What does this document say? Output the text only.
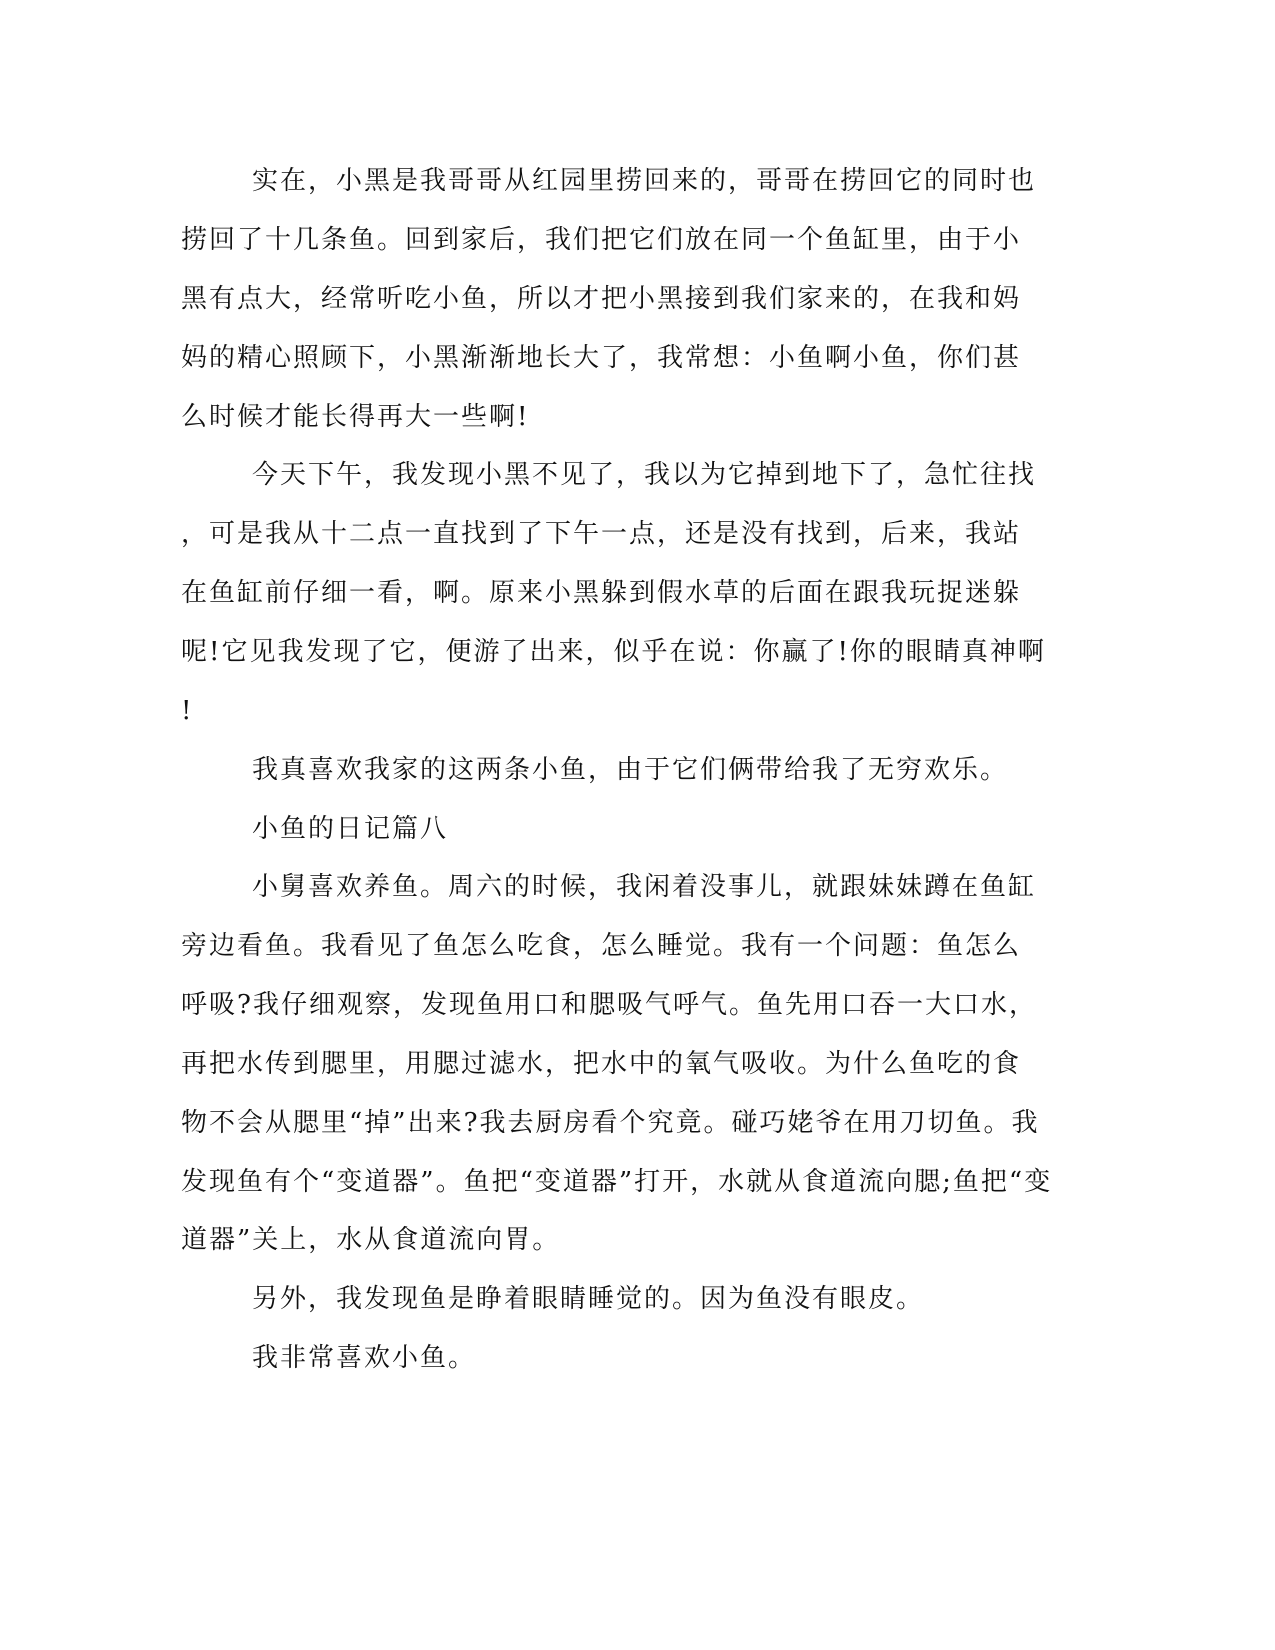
实在，小黑是我哥哥从红园里捞回来的，哥哥在捞回它的同时也
捞回了十几条鱼。回到家后，我们把它们放在同一个鱼缸里，由于小
黑有点大，经常听吃小鱼，所以才把小黑接到我们家来的，在我和妈
妈的精心照顾下，小黑渐渐地长大了，我常想：小鱼啊小鱼，你们甚
么时候才能长得再大一些啊!
今天下午，我发现小黑不见了，我以为它掉到地下了，急忙往找
，可是我从十二点一直找到了下午一点，还是没有找到，后来，我站
在鱼缸前仔细一看，啊。原来小黑躲到假水草的后面在跟我玩捉迷躲
呢!它见我发现了它，便游了出来，似乎在说：你赢了!你的眼睛真神啊
!
我真喜欢我家的这两条小鱼，由于它们俩带给我了无穷欢乐。
小鱼的日记篇八
小舅喜欢养鱼。周六的时候，我闲着没事儿，就跟妹妹蹲在鱼缸
旁边看鱼。我看见了鱼怎么吃食，怎么睡觉。我有一个问题：鱼怎么
呼吸?我仔细观察，发现鱼用口和腮吸气呼气。鱼先用口吞一大口水，
再把水传到腮里，用腮过滤水，把水中的氧气吸收。为什么鱼吃的食
物不会从腮里“掉”出来?我去厨房看个究竟。碰巧姥爷在用刀切鱼。我
发现鱼有个“变道器”。鱼把“变道器”打开，水就从食道流向腮;鱼把“变
道器”关上，水从食道流向胃。
另外，我发现鱼是睁着眼睛睡觉的。因为鱼没有眼皮。
我非常喜欢小鱼。
